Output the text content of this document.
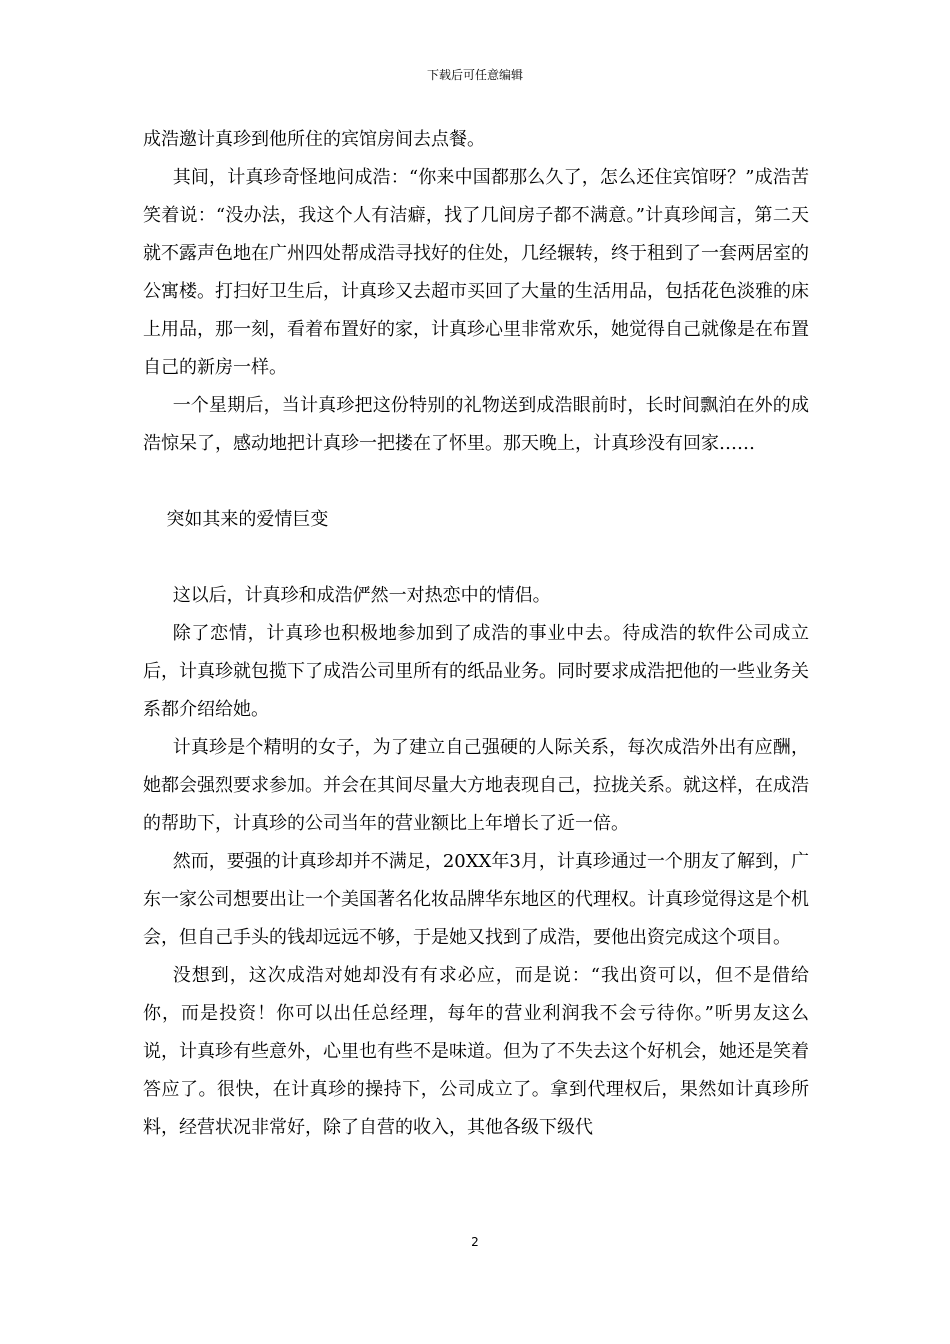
下载后可任意编辑

成浩邀计真珍到他所住的宾馆房间去点餐。

其间，计真珍奇怪地问成浩：“你来中国都那么久了，怎么还住宾馆呀？”成浩苦笑着说：“没办法，我这个人有洁癖，找了几间房子都不满意。”计真珍闻言，第二天就不露声色地在广州四处帮成浩寻找好的住处，几经辗转，终于租到了一套两居室的公寓楼。打扫好卫生后，计真珍又去超市买回了大量的生活用品，包括花色淡雅的床上用品，那一刻，看着布置好的家，计真珍心里非常欢乐，她觉得自己就像是在布置自己的新房一样。

一个星期后，当计真珍把这份特别的礼物送到成浩眼前时，长时间飘泊在外的成浩惊呆了，感动地把计真珍一把搂在了怀里。那天晚上，计真珍没有回家……

突如其来的爱情巨变

这以后，计真珍和成浩俨然一对热恋中的情侣。

除了恋情，计真珍也积极地参加到了成浩的事业中去。待成浩的软件公司成立后，计真珍就包揽下了成浩公司里所有的纸品业务。同时要求成浩把他的一些业务关系都介绍给她。

计真珍是个精明的女子，为了建立自己强硬的人际关系，每次成浩外出有应酬，她都会强烈要求参加。并会在其间尽量大方地表现自己，拉拢关系。就这样，在成浩的帮助下，计真珍的公司当年的营业额比上年增长了近一倍。

然而，要强的计真珍却并不满足，20XX年3月，计真珍通过一个朋友了解到，广东一家公司想要出让一个美国著名化妆品牌华东地区的代理权。计真珍觉得这是个机会，但自己手头的钱却远远不够，于是她又找到了成浩，要他出资完成这个项目。

没想到，这次成浩对她却没有有求必应，而是说：“我出资可以，但不是借给你，而是投资！你可以出任总经理，每年的营业利润我不会亏待你。”听男友这么说，计真珍有些意外，心里也有些不是味道。但为了不失去这个好机会，她还是笑着答应了。很快，在计真珍的操持下，公司成立了。拿到代理权后，果然如计真珍所料，经营状况非常好，除了自营的收入，其他各级下级代

2
